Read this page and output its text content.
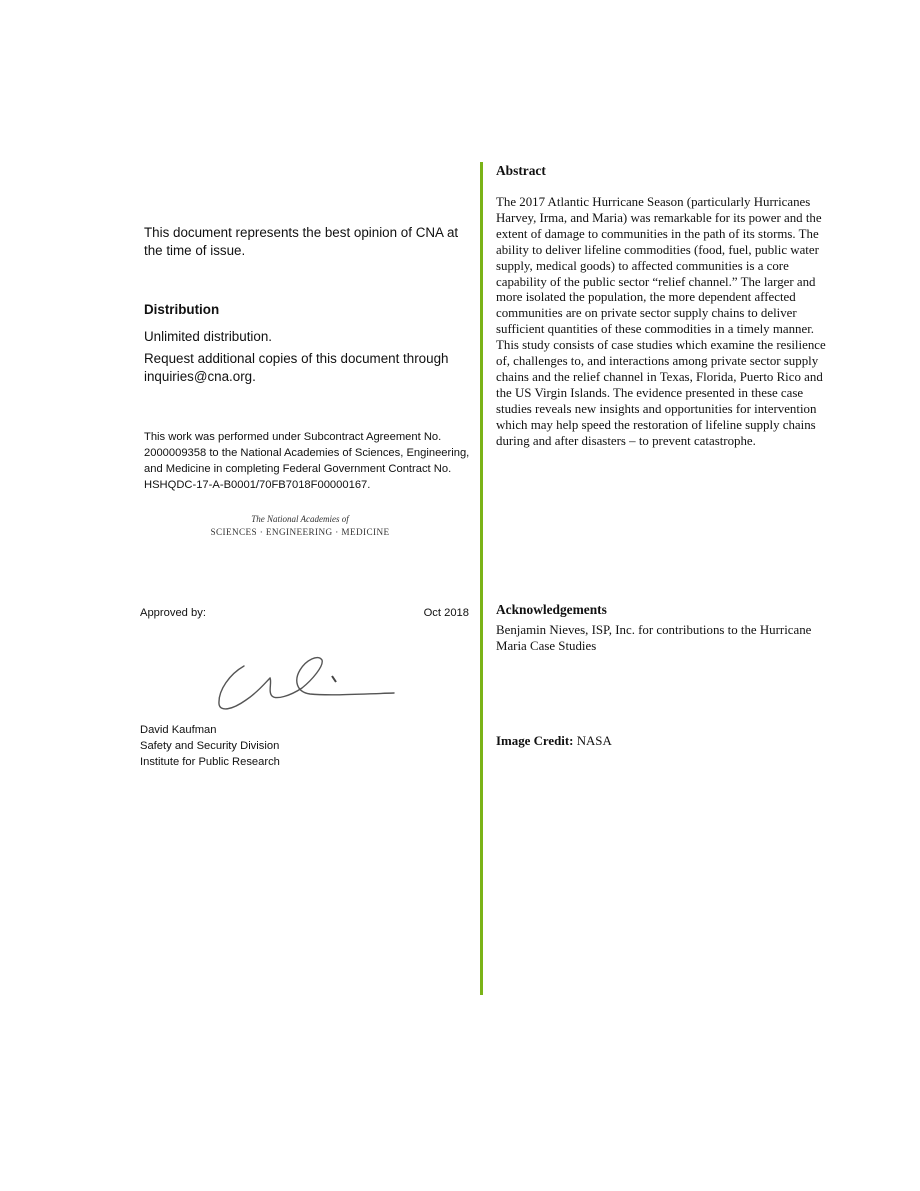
This document represents the best opinion of CNA at the time of issue.

Distribution

Unlimited distribution.

Request additional copies of this document through inquiries@cna.org.

This work was performed under Subcontract Agreement No. 2000009358 to the National Academies of Sciences, Engineering, and Medicine in completing Federal Government Contract No. HSHQDC-17-A-B0001/70FB7018F00000167.

The National Academies of
SCIENCES · ENGINEERING · MEDICINE

Approved by:	Oct 2018

David Kaufman
Safety and Security Division
Institute for Public Research

Abstract

The 2017 Atlantic Hurricane Season (particularly Hurricanes Harvey, Irma, and Maria) was remarkable for its power and the extent of damage to communities in the path of its storms. The ability to deliver lifeline commodities (food, fuel, public water supply, medical goods) to affected communities is a core capability of the public sector “relief channel.” The larger and more isolated the population, the more dependent affected communities are on private sector supply chains to deliver sufficient quantities of these commodities in a timely manner. This study consists of case studies which examine the resilience of, challenges to, and interactions among private sector supply chains and the relief channel in Texas, Florida, Puerto Rico and the US Virgin Islands. The evidence presented in these case studies reveals new insights and opportunities for intervention which may help speed the restoration of lifeline supply chains during and after disasters – to prevent catastrophe.

Acknowledgements

Benjamin Nieves, ISP, Inc. for contributions to the Hurricane Maria Case Studies

Image Credit: NASA
